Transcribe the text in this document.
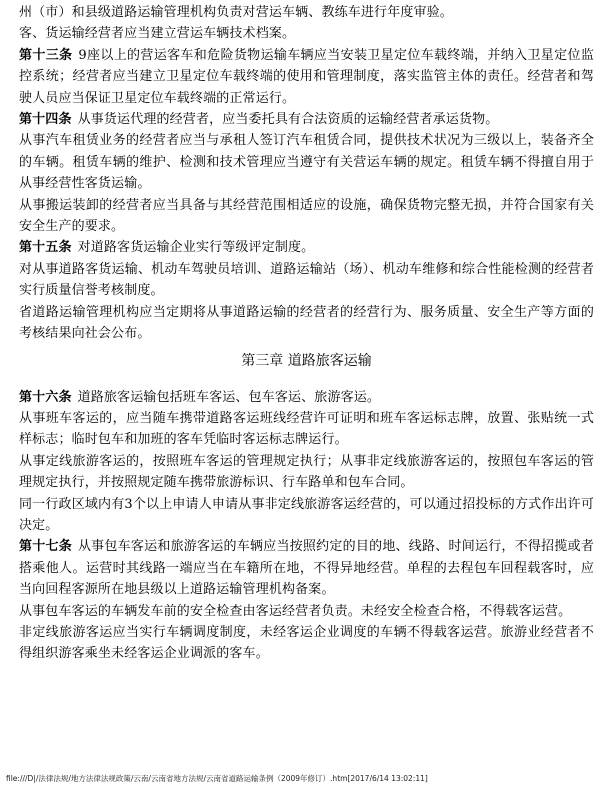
州（市）和县级道路运输管理机构负责对营运车辆、教练车进行年度审验。

客、货运输经营者应当建立营运车辆技术档案。

第十三条 9座以上的营运客车和危险货物运输车辆应当安装卫星定位车载终端，并纳入卫星定位监控系统；经营者应当建立卫星定位车载终端的使用和管理制度，落实监管主体的责任。经营者和驾驶人员应当保证卫星定位车载终端的正常运行。

第十四条 从事货运代理的经营者，应当委托具有合法资质的运输经营者承运货物。

从事汽车租赁业务的经营者应当与承租人签订汽车租赁合同，提供技术状况为三级以上，装备齐全的车辆。租赁车辆的维护、检测和技术管理应当遵守有关营运车辆的规定。租赁车辆不得擅自用于从事经营性客货运输。

从事搬运装卸的经营者应当具备与其经营范围相适应的设施，确保货物完整无损，并符合国家有关安全生产的要求。

第十五条 对道路客货运输企业实行等级评定制度。

对从事道路客货运输、机动车驾驶员培训、道路运输站（场）、机动车维修和综合性能检测的经营者实行质量信誉考核制度。

省道路运输管理机构应当定期将从事道路运输的经营者的经营行为、服务质量、安全生产等方面的考核结果向社会公布。

第三章 道路旅客运输

第十六条 道路旅客运输包括班车客运、包车客运、旅游客运。

从事班车客运的，应当随车携带道路客运班线经营许可证明和班车客运标志牌，放置、张贴统一式样标志；临时包车和加班的客车凭临时客运标志牌运行。

从事定线旅游客运的，按照班车客运的管理规定执行；从事非定线旅游客运的，按照包车客运的管理规定执行，并按照规定随车携带旅游标识、行车路单和包车合同。

同一行政区域内有3个以上申请人申请从事非定线旅游客运经营的，可以通过招投标的方式作出许可决定。

第十七条 从事包车客运和旅游客运的车辆应当按照约定的目的地、线路、时间运行，不得招揽或者搭乘他人。运营时其线路一端应当在车籍所在地，不得异地经营。单程的去程包车回程载客时，应当向回程客源所在地县级以上道路运输管理机构备案。

从事包车客运的车辆发车前的安全检查由客运经营者负责。未经安全检查合格，不得载客运营。

非定线旅游客运应当实行车辆调度制度，未经客运企业调度的车辆不得载客运营。旅游业经营者不得组织游客乘坐未经客运企业调派的客车。

file:///D|/法律法规/地方法律法规政策/云南/云南省地方法规/云南省道路运输条例（2009年修订）.htm[2017/6/14 13:02:11]
